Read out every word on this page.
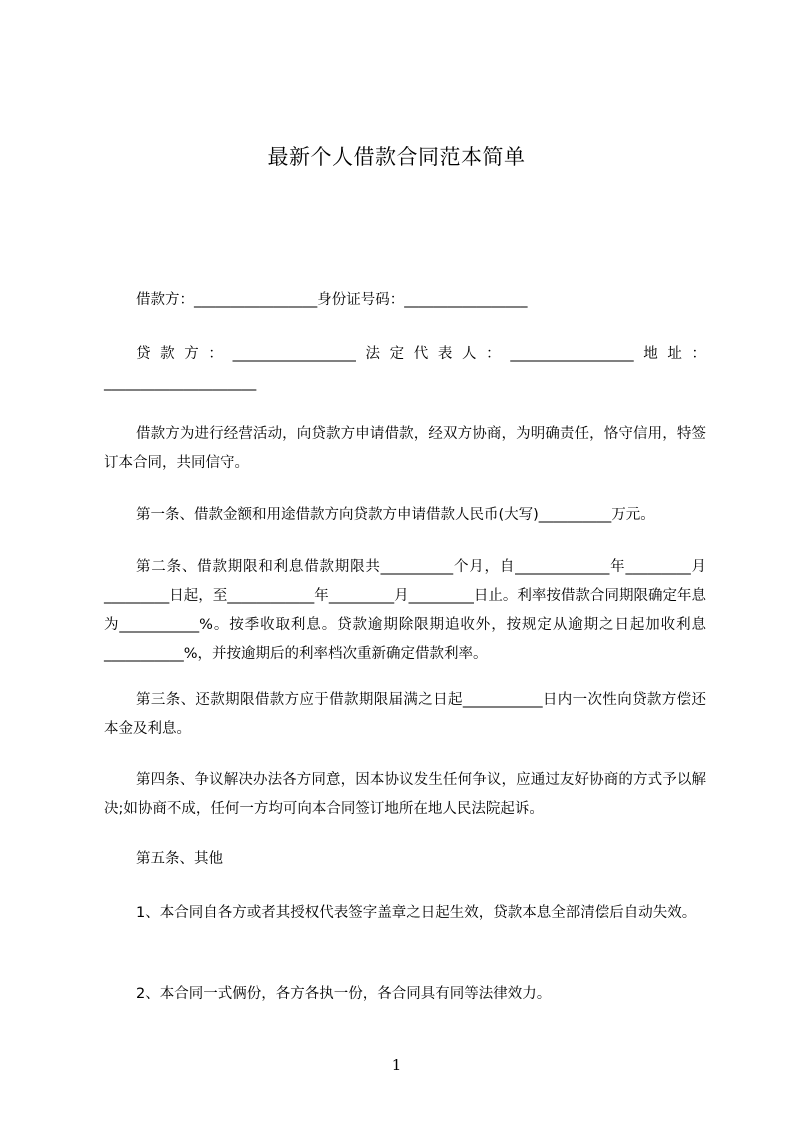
最新个人借款合同范本简单
借款方：_________________身份证号码：_________________
贷款方：_________________法定代表人：_________________地址：_____________________
借款方为进行经营活动，向贷款方申请借款，经双方协商，为明确责任，恪守信用，特签订本合同，共同信守。
第一条、借款金额和用途借款方向贷款方申请借款人民币(大写)__________万元。
第二条、借款期限和利息借款期限共__________个月，自_____________年_________月_________日起，至____________年_________月_________日止。利率按借款合同期限确定年息为___________%。按季收取利息。贷款逾期除限期追收外，按规定从逾期之日起加收利息___________%，并按逾期后的利率档次重新确定借款利率。
第三条、还款期限借款方应于借款期限届满之日起___________日内一次性向贷款方偿还本金及利息。
第四条、争议解决办法各方同意，因本协议发生任何争议，应通过友好协商的方式予以解决;如协商不成，任何一方均可向本合同签订地所在地人民法院起诉。
第五条、其他
1、本合同自各方或者其授权代表签字盖章之日起生效，贷款本息全部清偿后自动失效。
2、本合同一式俩份，各方各执一份，各合同具有同等法律效力。
1
